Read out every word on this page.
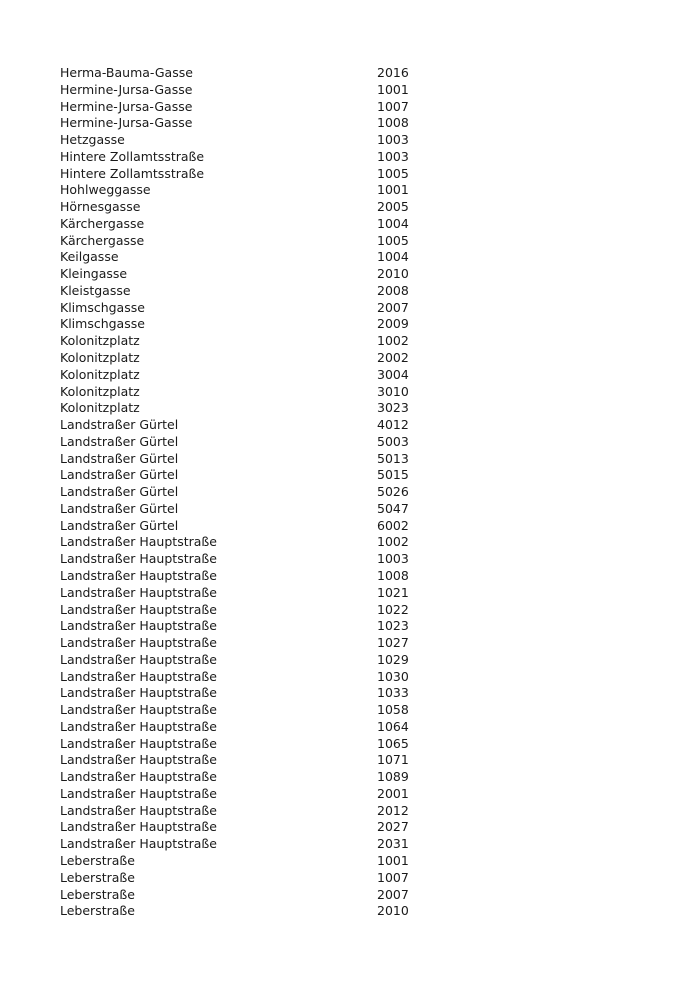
Herma-Bauma-Gasse	2016
Hermine-Jursa-Gasse	1001
Hermine-Jursa-Gasse	1007
Hermine-Jursa-Gasse	1008
Hetzgasse	1003
Hintere Zollamtsstraße	1003
Hintere Zollamtsstraße	1005
Hohlweggasse	1001
Hörnesgasse	2005
Kärchergasse	1004
Kärchergasse	1005
Keilgasse	1004
Kleingasse	2010
Kleistgasse	2008
Klimschgasse	2007
Klimschgasse	2009
Kolonitzplatz	1002
Kolonitzplatz	2002
Kolonitzplatz	3004
Kolonitzplatz	3010
Kolonitzplatz	3023
Landstraßer Gürtel	4012
Landstraßer Gürtel	5003
Landstraßer Gürtel	5013
Landstraßer Gürtel	5015
Landstraßer Gürtel	5026
Landstraßer Gürtel	5047
Landstraßer Gürtel	6002
Landstraßer Hauptstraße	1002
Landstraßer Hauptstraße	1003
Landstraßer Hauptstraße	1008
Landstraßer Hauptstraße	1021
Landstraßer Hauptstraße	1022
Landstraßer Hauptstraße	1023
Landstraßer Hauptstraße	1027
Landstraßer Hauptstraße	1029
Landstraßer Hauptstraße	1030
Landstraßer Hauptstraße	1033
Landstraßer Hauptstraße	1058
Landstraßer Hauptstraße	1064
Landstraßer Hauptstraße	1065
Landstraßer Hauptstraße	1071
Landstraßer Hauptstraße	1089
Landstraßer Hauptstraße	2001
Landstraßer Hauptstraße	2012
Landstraßer Hauptstraße	2027
Landstraßer Hauptstraße	2031
Leberstraße	1001
Leberstraße	1007
Leberstraße	2007
Leberstraße	2010
